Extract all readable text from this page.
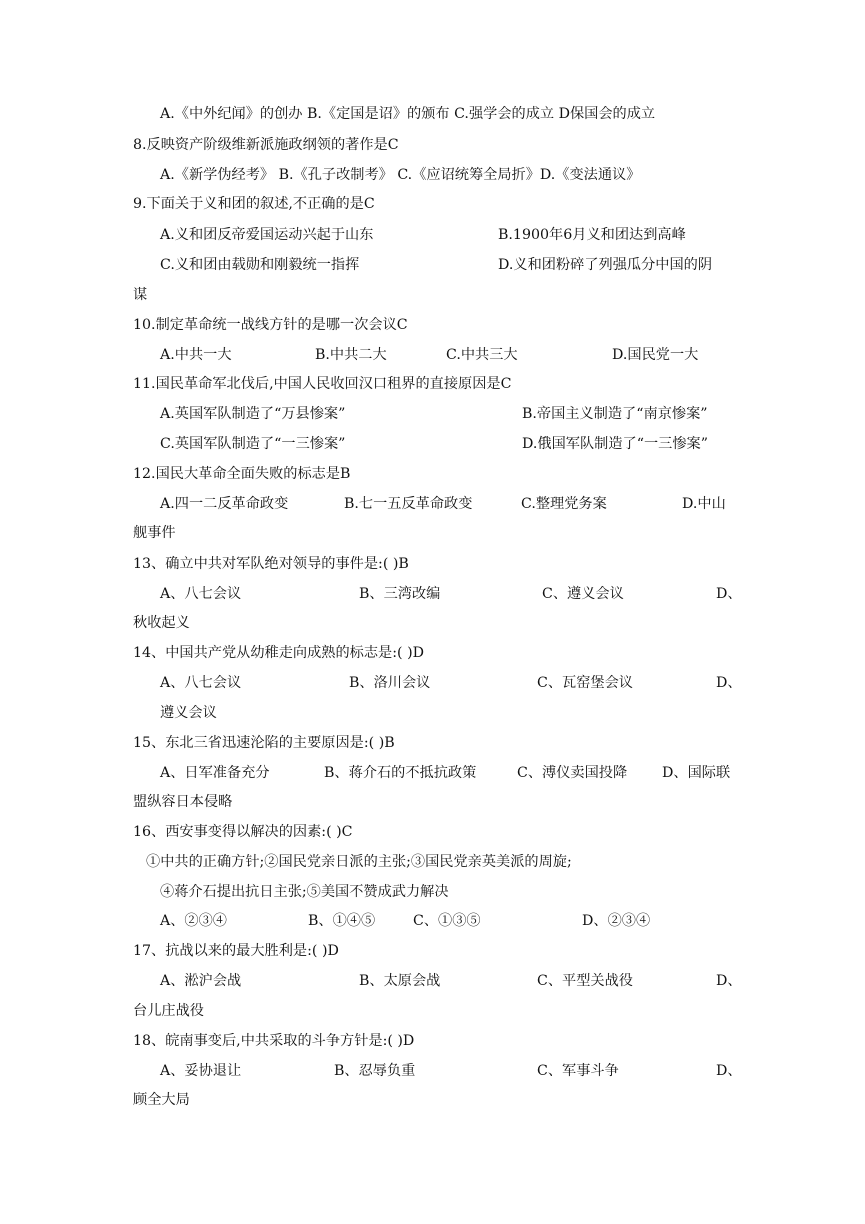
A.《中外纪闻》的创办 B.《定国是诏》的颁布 C.强学会的成立 D保国会的成立
8.反映资产阶级维新派施政纲领的著作是C
A.《新学伪经考》 B.《孔子改制考》 C.《应诏统筹全局折》D.《变法通议》
9.下面关于义和团的叙述,不正确的是C
A.义和团反帝爱国运动兴起于山东	B.1900年6月义和团达到高峰
C.义和团由载勋和刚毅统一指挥	D.义和团粉碎了列强瓜分中国的阴
谋
10.制定革命统一战线方针的是哪一次会议C
A.中共一大	B.中共二大	C.中共三大	D.国民党一大
11.国民革命军北伐后,中国人民收回汉口租界的直接原因是C
A.英国军队制造了“万县惨案”	B.帝国主义制造了“南京惨案”
C.英国军队制造了“一三惨案”	D.俄国军队制造了“一三惨案”
12.国民大革命全面失败的标志是B
A.四一二反革命政变	B.七一五反革命政变	C.整理党务案	D.中山
舰事件
13、确立中共对军队绝对领导的事件是:( )B
A、八七会议	B、三湾改编	C、遵义会议	D、
秋收起义
14、中国共产党从幼稚走向成熟的标志是:( )D
A、八七会议	B、洛川会议	C、瓦窑堡会议	D、
遵义会议
15、东北三省迅速沦陷的主要原因是:( )B
A、日军准备充分	B、蒋介石的不抵抗政策	C、溥仪卖国投降 D、国际联
盟纵容日本侵略
16、西安事变得以解决的因素:( )C
①中共的正确方针;②国民党亲日派的主张;③国民党亲英美派的周旋;
④蒋介石提出抗日主张;⑤美国不赞成武力解决
A、②③④	B、①④⑤	C、①③⑤	D、②③④
17、抗战以来的最大胜利是:( )D
A、淞沪会战	B、太原会战	C、平型关战役	D、
台儿庄战役
18、皖南事变后,中共采取的斗争方针是:( )D
A、妥协退让	B、忍辱负重	C、军事斗争	D、
顾全大局
